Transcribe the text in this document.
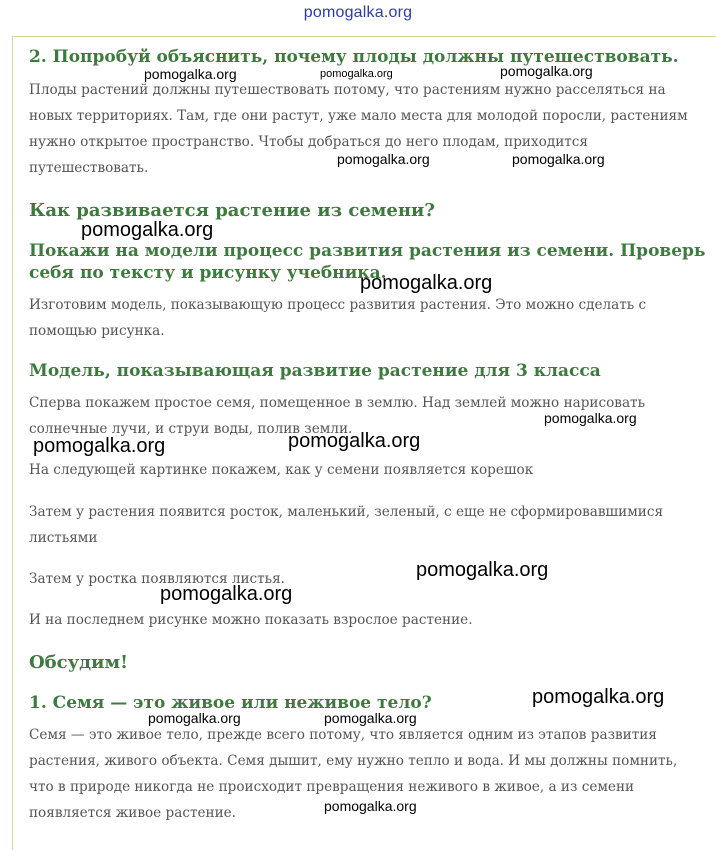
pomogalka.org
2. Попробуй объяснить, почему плоды должны путешествовать.

Плоды растений должны путешествовать потому, что растениям нужно расселяться на

новых территориях. Там, где они растут, уже мало места для молодой поросли, растениям

нужно открытое пространство. Чтобы добраться до него плодам, приходится

путешествовать.

Как развивается растение из семени?
Покажи на модели процесс развития растения из семени. Проверь
себя по тексту и рисунку учебника.

Изготовим модель, показывающую процесс развития растения. Это можно сделать с

помощью рисунка.

Модель, показывающая развитие растение для 3 класса

Сперва покажем простое семя, помещенное в землю. Над землей можно нарисовать

солнечные лучи, и струи воды, полив земли.

На следующей картинке покажем, как у семени появляется корешок

Затем у растения появится росток, маленький, зеленый, с еще не сформировавшимися

листьями

Затем у ростка появляются листья.

И на последнем рисунке можно показать взрослое растение.

Обсудим!
1. Семя — это живое или неживое тело?

Семя — это живое тело, прежде всего потому, что является одним из этапов развития

растения, живого объекта. Семя дышит, ему нужно тепло и вода. И мы должны помнить,

что в природе никогда не происходит превращения неживого в живое, а из семени

появляется живое растение.

pomogalka.org	pomogalka.org	pomogalka.org
pomogalka.org	pomogalka.org
pomogalka.org
pomogalka.org
pomogalka.org
pomogalka.org	pomogalka.org
pomogalka.org
pomogalka.org
pomogalka.org
pomogalka.org	pomogalka.org
pomogalka.org
